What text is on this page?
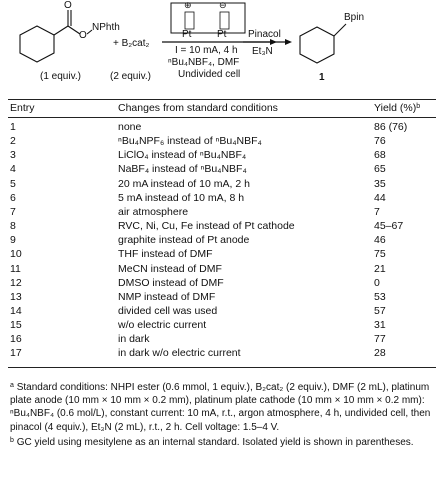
O
O
NPhth
+ B₂cat₂
(1 equiv.)	(2 equiv.)
⊕	⊖
Pt	Pt
I = 10 mA, 4 h
ⁿBu₄NBF₄, DMF
Undivided cell
Pinacol
Et₃N
Bpin
1
Entry	Changes from standard conditions	Yield (%)$^b$
1	none	86 (76)
2	ⁿBu₄NPF₆ instead of ⁿBu₄NBF₄	76
3	LiClO₄ instead of ⁿBu₄NBF₄	68
4	NaBF₄ instead of ⁿBu₄NBF₄	65
5	20 mA instead of 10 mA, 2 h	35
6	5 mA instead of 10 mA, 8 h	44
7	air atmosphere	7
8	RVC, Ni, Cu, Fe instead of Pt cathode	45–67
9	graphite instead of Pt anode	46
10	THF instead of DMF	75
11	MeCN instead of DMF	21
12	DMSO instead of DMF	0
13	NMP instead of DMF	53
14	divided cell was used	57
15	w/o electric current	31
16	in dark	77
17	in dark w/o electric current	28

$^a$ Standard conditions: NHPI ester (0.6 mmol, 1 equiv.), B₂cat₂ (2 equiv.), DMF (2 mL), platinum plate anode (10 mm × 10 mm × 0.2 mm), platinum plate cathode (10 mm × 10 mm × 0.2 mm): ⁿBu₄NBF₄ (0.6 mol/L), constant current: 10 mA, r.t., argon atmosphere, 4 h, undivided cell, then pinacol (4 equiv.), Et₃N (2 mL), r.t., 2 h. Cell voltage: 1.5–4 V.

$^b$ GC yield using mesitylene as an internal standard. Isolated yield is shown in parentheses.
